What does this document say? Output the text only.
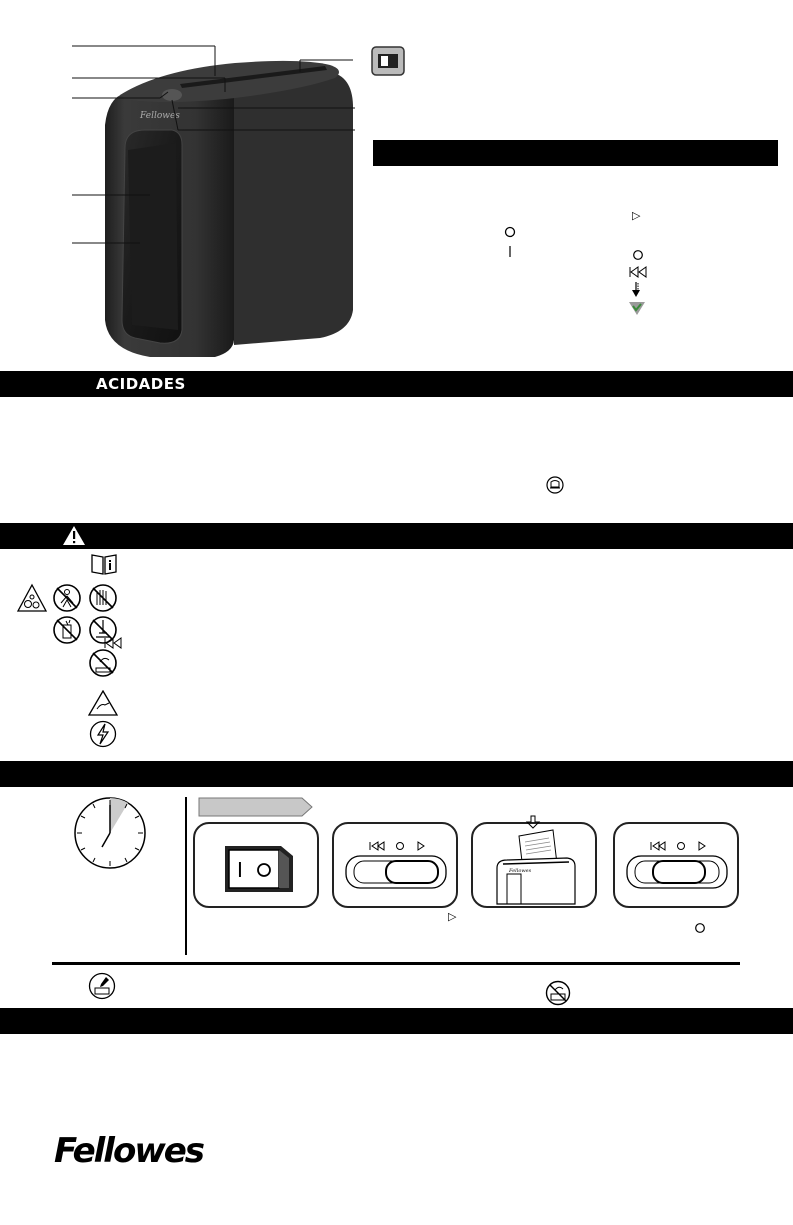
Fellowes
▷
ACIDADES
I
▷
Fellowes
Fellowes
